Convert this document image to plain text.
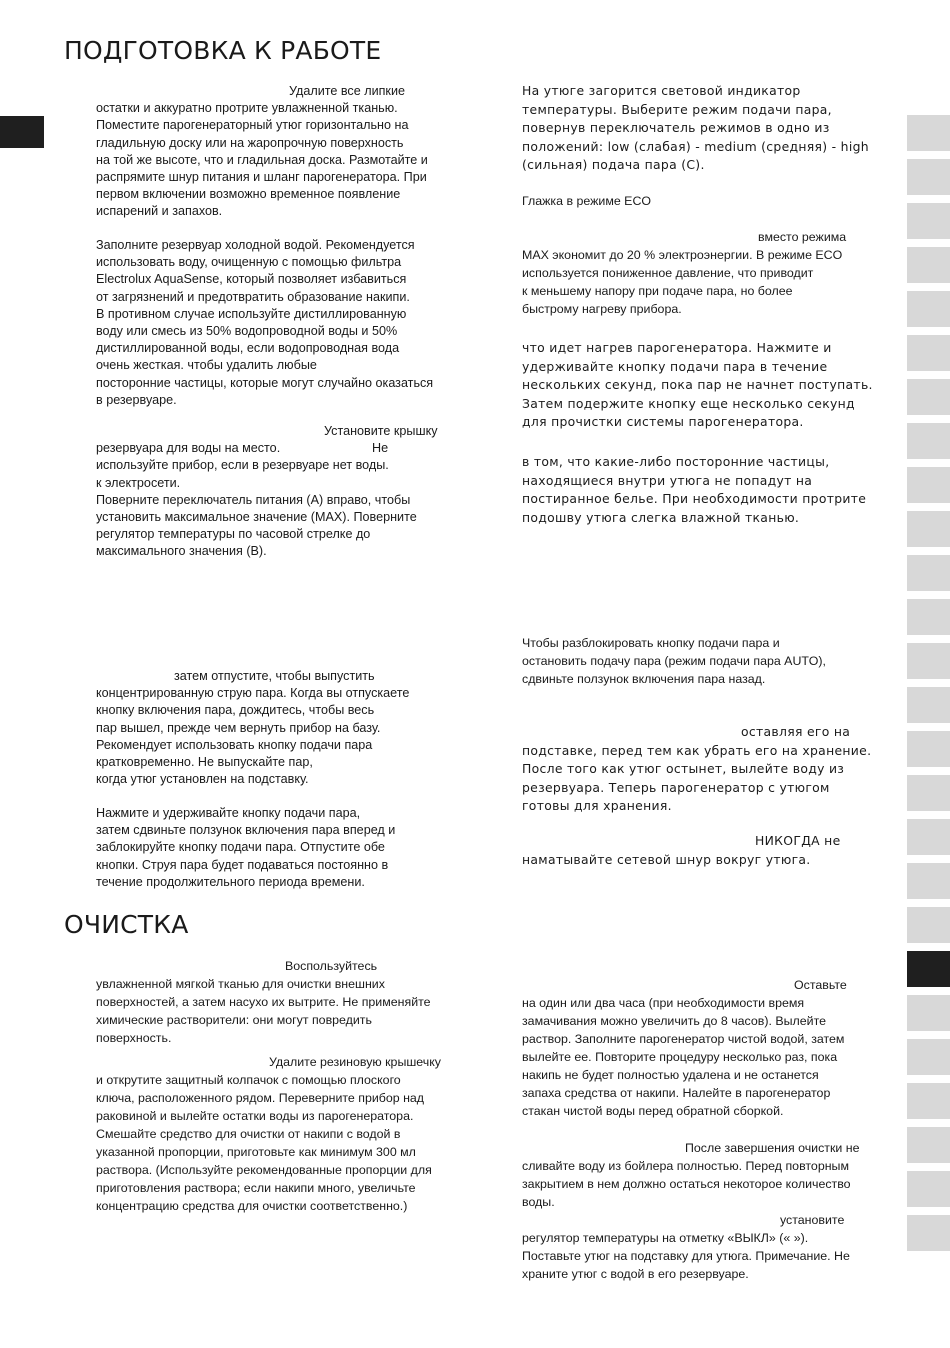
ПОДГОТОВКА К РАБОТЕ

Удалите все липкие
остатки и аккуратно протрите увлажненной тканью.
Поместите парогенераторный утюг горизонтально на
гладильную доску или на жаропрочную поверхность
на той же высоте, что и гладильная доска. Размотайте и
распрямите шнур питания и шланг парогенератора. При
первом включении возможно временное появление
испарений и запахов.

Заполните резервуар холодной водой. Рекомендуется
использовать воду, очищенную с помощью фильтра
Electrolux AquaSense, который позволяет избавиться
от загрязнений и предотвратить образование накипи.
В противном случае используйте дистиллированную
воду или смесь из 50% водопроводной воды и 50%
дистиллированной воды, если водопроводная вода
очень жесткая. чтобы удалить любые
посторонние частицы, которые могут случайно оказаться
в резервуаре.

Установите крышку
резервуара для воды на место.
используйте прибор, если в резервуаре нет воды.
к электросети.
Поверните переключатель питания (A) вправо, чтобы
установить максимальное значение (MAX). Поверните
регулятор температуры по часовой стрелке до
максимального значения (B).

Не

затем отпустите, чтобы выпустить
концентрированную струю пара. Когда вы отпускаете
кнопку включения пара, дождитесь, чтобы весь
пар вышел, прежде чем вернуть прибор на базу.
Рекомендует использовать кнопку подачи пара
кратковременно. Не выпускайте пар,
когда утюг установлен на подставку.

Нажмите и удерживайте кнопку подачи пара,
затем сдвиньте ползунок включения пара вперед и
заблокируйте кнопку подачи пара. Отпустите обе
кнопки. Струя пара будет подаваться постоянно в
течение продолжительного периода времени.

ОЧИСТКА

Воспользуйтесь
увлажненной мягкой тканью для очистки внешних
поверхностей, а затем насухо их вытрите. Не применяйте
химические растворители: они могут повредить
поверхность.

Удалите резиновую крышечку
и открутите защитный колпачок с помощью плоского
ключа, расположенного рядом. Переверните прибор над
раковиной и вылейте остатки воды из парогенератора.
Смешайте средство для очистки от накипи с водой в
указанной пропорции, приготовьте как минимум 300 мл
раствора. (Используйте рекомендованные пропорции для
приготовления раствора; если накипи много, увеличьте
концентрацию средства для очистки соответственно.)

На утюге загорится световой индикатор
температуры. Выберите режим подачи пара,
повернув переключатель режимов в одно из
положений: low (слабая) - medium (средняя) - high
(сильная) подача пара (C).

Глажка в режиме ECO

вместо режима
MAX экономит до 20 % электроэнергии. В режиме ECO
используется пониженное давление, что приводит
к меньшему напору при подаче пара, но более
быстрому нагреву прибора.

что идет нагрев парогенератора. Нажмите и
удерживайте кнопку подачи пара в течение
нескольких секунд, пока пар не начнет поступать.
Затем подержите кнопку еще несколько секунд
для прочистки системы парогенератора.

в том, что какие-либо посторонние частицы,
находящиеся внутри утюга не попадут на
постиранное белье. При необходимости протрите
подошву утюга слегка влажной тканью.

Чтобы разблокировать кнопку подачи пара и
остановить подачу пара (режим подачи пара AUTO),
сдвиньте ползунок включения пара назад.

оставляя его на
подставке, перед тем как убрать его на хранение.
После того как утюг остынет, вылейте воду из
резервуара. Теперь парогенератор с утюгом
готовы для хранения.

НИКОГДА не
наматывайте сетевой шнур вокруг утюга.

Оставьте
на один или два часа (при необходимости время
замачивания можно увеличить до 8 часов). Вылейте
раствор. Заполните парогенератор чистой водой, затем
вылейте ее. Повторите процедуру несколько раз, пока
накипь не будет полностью удалена и не останется
запаха средства от накипи. Налейте в парогенератор
стакан чистой воды перед обратной сборкой.

После завершения очистки не
сливайте воду из бойлера полностью. Перед повторным
закрытием в нем должно остаться некоторое количество
воды.

установите
регулятор температуры на отметку «ВЫКЛ» (« »).
Поставьте утюг на подставку для утюга. Примечание. Не
храните утюг с водой в его резервуаре.
